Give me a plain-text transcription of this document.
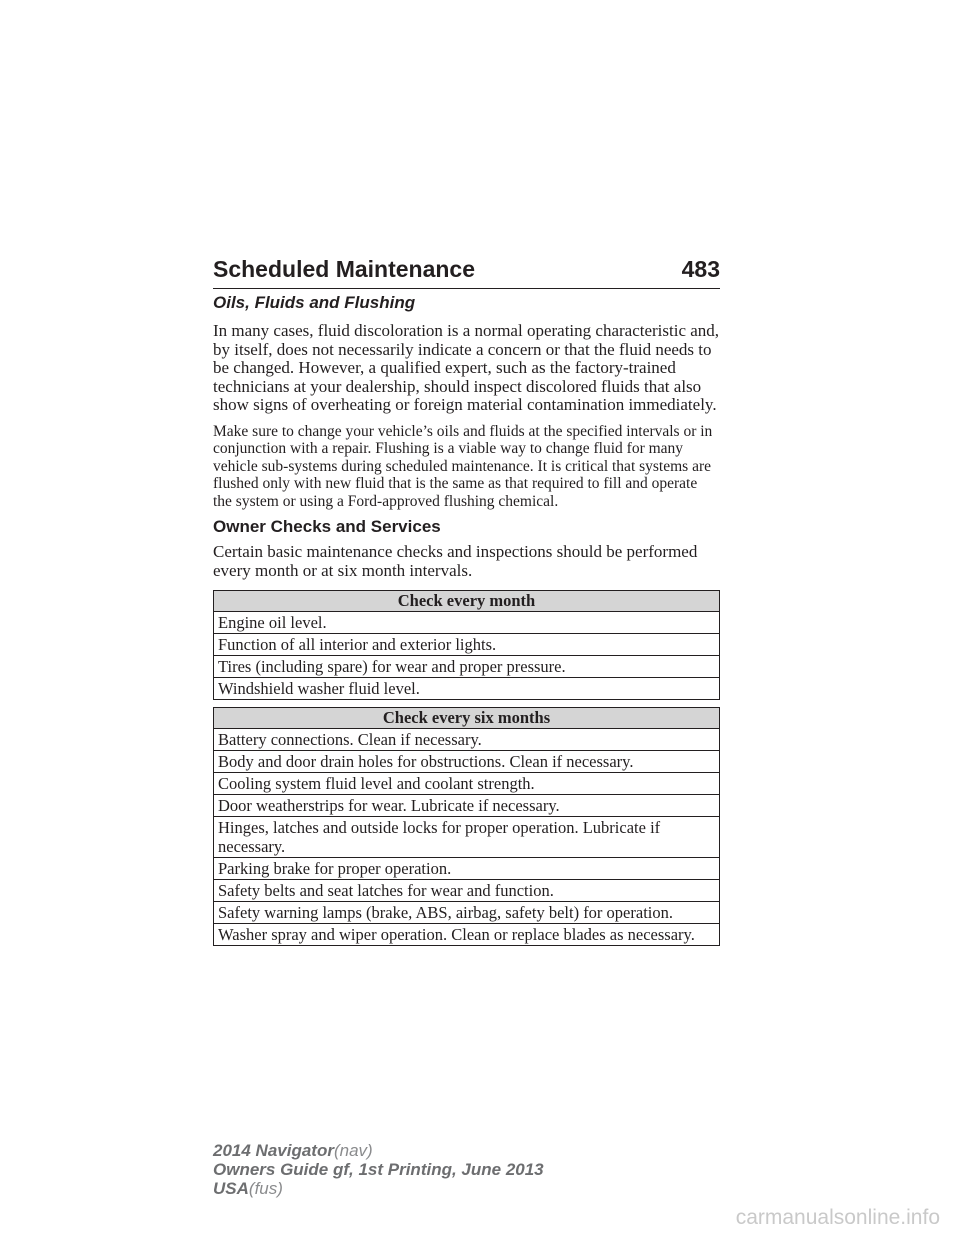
Scheduled Maintenance	483
Oils, Fluids and Flushing

In many cases, fluid discoloration is a normal operating characteristic and, by itself, does not necessarily indicate a concern or that the fluid needs to be changed. However, a qualified expert, such as the factory-trained technicians at your dealership, should inspect discolored fluids that also show signs of overheating or foreign material contamination immediately.

Make sure to change your vehicle’s oils and fluids at the specified intervals or in conjunction with a repair. Flushing is a viable way to change fluid for many vehicle sub-systems during scheduled maintenance. It is critical that systems are flushed only with new fluid that is the same as that required to fill and operate the system or using a Ford-approved flushing chemical.

Owner Checks and Services

Certain basic maintenance checks and inspections should be performed every month or at six month intervals.

Check every month
Engine oil level.
Function of all interior and exterior lights.
Tires (including spare) for wear and proper pressure.
Windshield washer fluid level.
Check every six months
Battery connections. Clean if necessary.
Body and door drain holes for obstructions. Clean if necessary.
Cooling system fluid level and coolant strength.
Door weatherstrips for wear. Lubricate if necessary.
Hinges, latches and outside locks for proper operation. Lubricate if necessary.
Parking brake for proper operation.
Safety belts and seat latches for wear and function.
Safety warning lamps (brake, ABS, airbag, safety belt) for operation.
Washer spray and wiper operation. Clean or replace blades as necessary.
2014 Navigator(nav)
Owners Guide gf, 1st Printing, June 2013
USA(fus)
carmanualsonline.info
